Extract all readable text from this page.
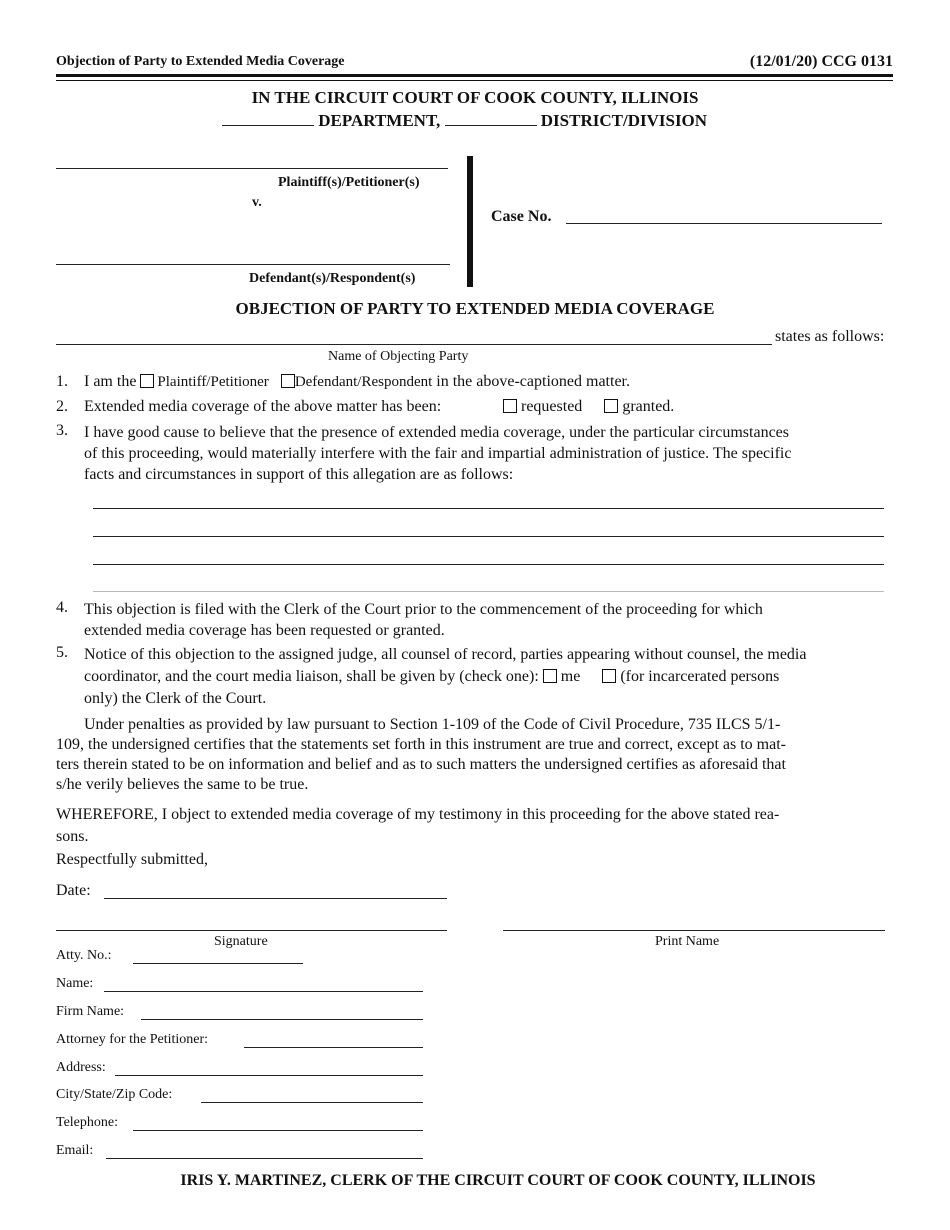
Objection of Party to Extended Media Coverage	(12/01/20) CCG 0131
IN THE CIRCUIT COURT OF COOK COUNTY, ILLINOIS
DEPARTMENT,	DISTRICT/DIVISION
Plaintiff(s)/Petitioner(s)
v.
Defendant(s)/Respondent(s)
Case No.
OBJECTION OF PARTY TO EXTENDED MEDIA COVERAGE
states as follows:
Name of Objecting Party
1.	I am the Plaintiff/Petitioner Defendant/Respondent in the above-captioned matter.
2.	Extended media coverage of the above matter has been:	requested	granted.
3.	I have good cause to believe that the presence of extended media coverage, under the particular circumstances
of this proceeding, would materially interfere with the fair and impartial administration of justice. The specific
facts and circumstances in support of this allegation are as follows:
4.	This objection is filed with the Clerk of the Court prior to the commencement of the proceeding for which
extended media coverage has been requested or granted.
5.	Notice of this objection to the assigned judge, all counsel of record, parties appearing without counsel, the media
coordinator, and the court media liaison, shall be given by (check one): me	(for incarcerated persons
only) the Clerk of the Court.
Under penalties as provided by law pursuant to Section 1-109 of the Code of Civil Procedure, 735 ILCS 5/1-
109, the undersigned certifies that the statements set forth in this instrument are true and correct, except as to mat-
ters therein stated to be on information and belief and as to such matters the undersigned certifies as aforesaid that
s/he verily believes the same to be true.
WHEREFORE, I object to extended media coverage of my testimony in this proceeding for the above stated rea-
sons.
Respectfully submitted,
Date:
Signature	Print Name
Atty. No.:
Name:
Firm Name:
Attorney for the Petitioner:
Address:
City/State/Zip Code:
Telephone:
Email:
IRIS Y. MARTINEZ, CLERK OF THE CIRCUIT COURT OF COOK COUNTY, ILLINOIS
